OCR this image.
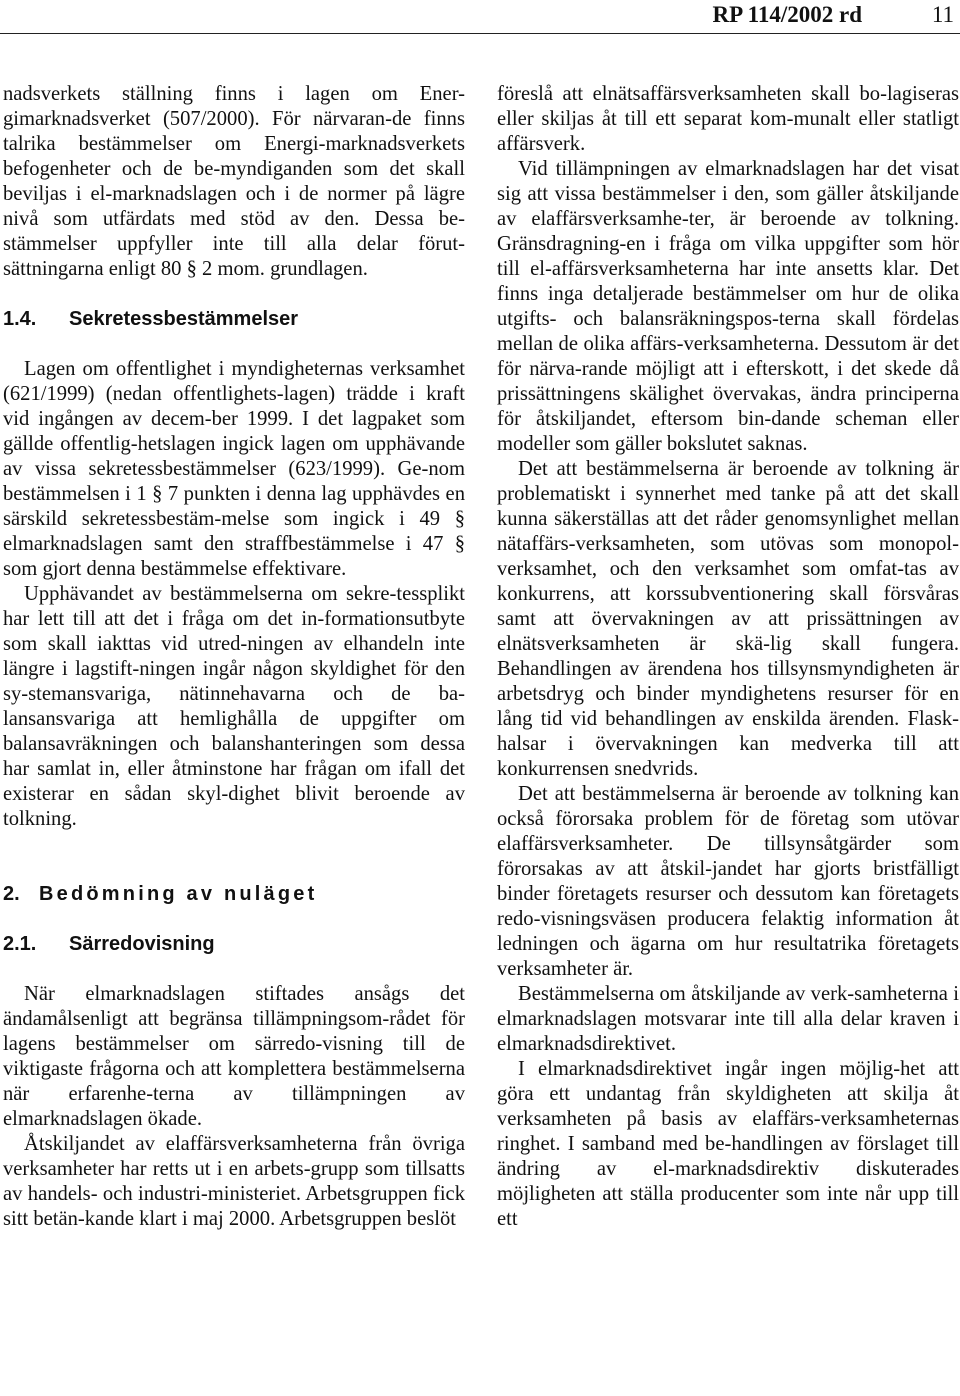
RP 114/2002 rd	11

nadsverkets ställning finns i lagen om Ener-gimarknadsverket (507/2000). För närvaran-de finns talrika bestämmelser om Energi-marknadsverkets befogenheter och de be-myndiganden som det skall beviljas i el-marknadslagen och i de normer på lägre nivå som utfärdats med stöd av den. Dessa be-stämmelser uppfyller inte till alla delar förut-sättningarna enligt 80 § 2 mom. grundlagen.

1.4. Sekretessbestämmelser

Lagen om offentlighet i myndigheternas verksamhet (621/1999) (nedan offentlighets-lagen) trädde i kraft vid ingången av decem-ber 1999. I det lagpaket som gällde offentlig-hetslagen ingick lagen om upphävande av vissa sekretessbestämmelser (623/1999). Ge-nom bestämmelsen i 1 § 7 punkten i denna lag upphävdes en särskild sekretessbestäm-melse som ingick i 49 § elmarknadslagen samt den straffbestämmelse i 47 § som gjort denna bestämmelse effektivare.

Upphävandet av bestämmelserna om sekre-tessplikt har lett till att det i fråga om det in-formationsutbyte som skall iakttas vid utred-ningen av elhandeln inte längre i lagstift-ningen ingår någon skyldighet för den sy-stemansvariga, nätinnehavarna och de ba-lansansvariga att hemlighålla de uppgifter om balansavräkningen och balanshanteringen som dessa har samlat in, eller åtminstone har frågan om ifall det existerar en sådan skyl-dighet blivit beroende av tolkning.

2. Bedömning av nuläget
2.1. Särredovisning

När elmarknadslagen stiftades ansågs det ändamålsenligt att begränsa tillämpningsom-rådet för lagens bestämmelser om särredo-visning till de viktigaste frågorna och att komplettera bestämmelserna när erfarenhe-terna av tillämpningen av elmarknadslagen ökade.

Åtskiljandet av elaffärsverksamheterna från övriga verksamheter har retts ut i en arbets-grupp som tillsatts av handels- och industri-ministeriet. Arbetsgruppen fick sitt betän-kande klart i maj 2000. Arbetsgruppen beslöt

föreslå att elnätsaffärsverksamheten skall bo-lagiseras eller skiljas åt till ett separat kom-munalt eller statligt affärsverk.

Vid tillämpningen av elmarknadslagen har det visat sig att vissa bestämmelser i den, som gäller åtskiljande av elaffärsverksamhe-ter, är beroende av tolkning. Gränsdragning-en i fråga om vilka uppgifter som hör till el-affärsverksamheterna har inte ansetts klar. Det finns inga detaljerade bestämmelser om hur de olika utgifts- och balansräkningspos-terna skall fördelas mellan de olika affärs-verksamheterna. Dessutom är det för närva-rande möjligt att i efterskott, i det skede då prissättningens skälighet övervakas, ändra principerna för åtskiljandet, eftersom bin-dande scheman eller modeller som gäller bokslutet saknas.

Det att bestämmelserna är beroende av tolkning är problematiskt i synnerhet med tanke på att det skall kunna säkerställas att det råder genomsynlighet mellan nätaffärs-verksamheten, som utövas som monopol-verksamhet, och den verksamhet som omfat-tas av konkurrens, att korssubventionering skall försvåras samt att övervakningen av att prissättningen av elnätsverksamheten är skä-lig skall fungera. Behandlingen av ärendena hos tillsynsmyndigheten är arbetsdryg och binder myndighetens resurser för en lång tid vid behandlingen av enskilda ärenden. Flask-halsar i övervakningen kan medverka till att konkurrensen snedvrids.

Det att bestämmelserna är beroende av tolkning kan också förorsaka problem för de företag som utövar elaffärsverksamheter. De tillsynsåtgärder som förorsakas av att åtskil-jandet har gjorts bristfälligt binder företagets resurser och dessutom kan företagets redo-visningsväsen producera felaktig information åt ledningen och ägarna om hur resultatrika företagets verksamheter är.

Bestämmelserna om åtskiljande av verk-samheterna i elmarknadslagen motsvarar inte till alla delar kraven i elmarknadsdirektivet.

I elmarknadsdirektivet ingår ingen möjlig-het att göra ett undantag från skyldigheten att skilja åt verksamheten på basis av elaffärs-verksamheternas ringhet. I samband med be-handlingen av förslaget till ändring av el-marknadsdirektiv diskuterades möjligheten att ställa producenter som inte når upp till ett
